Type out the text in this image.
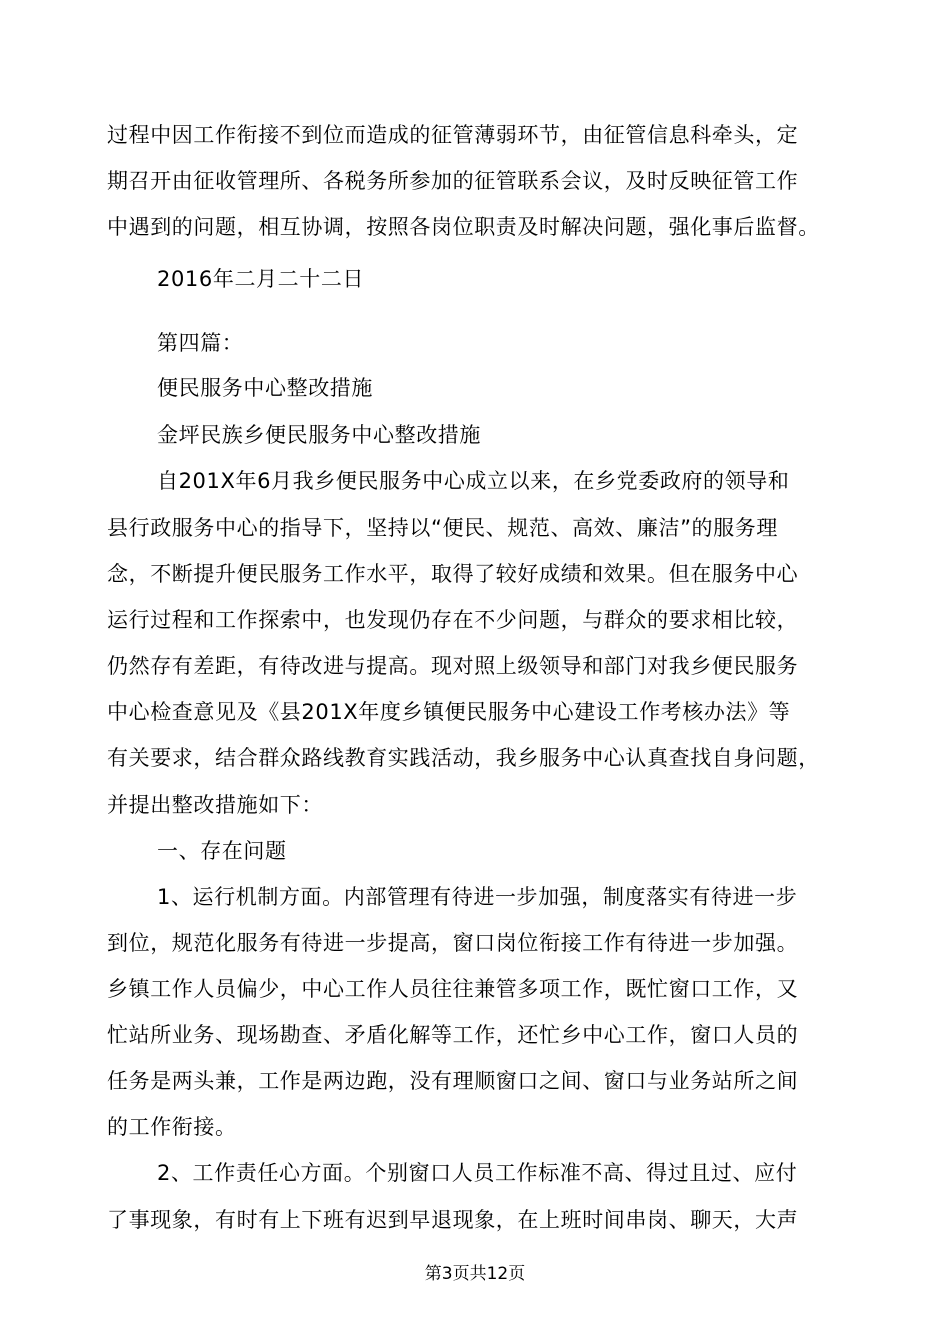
过程中因工作衔接不到位而造成的征管薄弱环节，由征管信息科牵头，定
期召开由征收管理所、各税务所参加的征管联系会议，及时反映征管工作
中遇到的问题，相互协调，按照各岗位职责及时解决问题，强化事后监督。
2016年二月二十二日
第四篇：
便民服务中心整改措施
金坪民族乡便民服务中心整改措施
自201X年6月我乡便民服务中心成立以来，在乡党委政府的领导和
县行政服务中心的指导下，坚持以“便民、规范、高效、廉洁”的服务理
念，不断提升便民服务工作水平，取得了较好成绩和效果。但在服务中心
运行过程和工作探索中，也发现仍存在不少问题，与群众的要求相比较，
仍然存有差距，有待改进与提高。现对照上级领导和部门对我乡便民服务
中心检查意见及《县201X年度乡镇便民服务中心建设工作考核办法》等
有关要求，结合群众路线教育实践活动，我乡服务中心认真查找自身问题，
并提出整改措施如下：
一、存在问题
1、运行机制方面。内部管理有待进一步加强，制度落实有待进一步
到位，规范化服务有待进一步提高，窗口岗位衔接工作有待进一步加强。
乡镇工作人员偏少，中心工作人员往往兼管多项工作，既忙窗口工作，又
忙站所业务、现场勘查、矛盾化解等工作，还忙乡中心工作，窗口人员的
任务是两头兼，工作是两边跑，没有理顺窗口之间、窗口与业务站所之间
的工作衔接。
2、工作责任心方面。个别窗口人员工作标准不高、得过且过、应付
了事现象，有时有上下班有迟到早退现象，在上班时间串岗、聊天，大声
第3页共12页
